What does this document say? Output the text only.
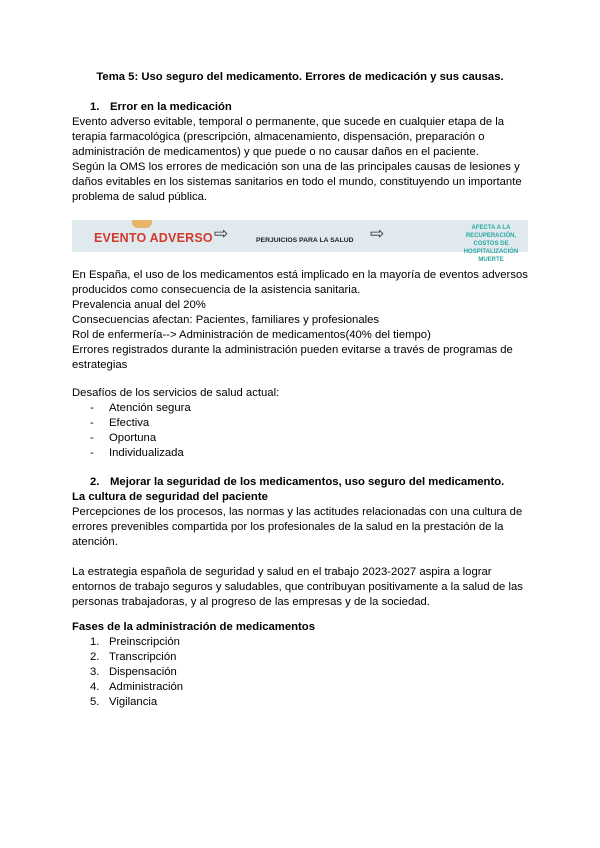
Tema 5: Uso seguro del medicamento. Errores de medicación y sus causas.
1. Error en la medicación

Evento adverso evitable, temporal o permanente, que sucede en cualquier etapa de la terapia farmacológica (prescripción, almacenamiento, dispensación, preparación o administración de medicamentos) y que puede o no causar daños en el paciente.

Según la OMS los errores de medicación son una de las principales causas de lesiones y daños evitables en los sistemas sanitarios en todo el mundo, constituyendo un importante problema de salud pública.

EVENTO ADVERSO ⇨	PERJUICIOS PARA LA SALUD ⇨	AFECTA A LA RECUPERACIÓN, COSTOS DE HOSPITALIZACIÓN MUERTE

En España, el uso de los medicamentos está implicado en la mayoría de eventos adversos producidos como consecuencia de la asistencia sanitaria.

Prevalencia anual del 20%

Consecuencias afectan: Pacientes, familiares y profesionales

Rol de enfermería--> Administración de medicamentos(40% del tiempo)

Errores registrados durante la administración pueden evitarse a través de programas de estrategias

Desafíos de los servicios de salud actual:

- Atención segura
- Efectiva
- Oportuna
- Individualizada
2. Mejorar la seguridad de los medicamentos, uso seguro del medicamento.

La cultura de seguridad del paciente

Percepciones de los procesos, las normas y las actitudes relacionadas con una cultura de errores prevenibles compartida por los profesionales de la salud en la prestación de la atención.

La estrategia española de seguridad y salud en el trabajo 2023-2027 aspira a lograr entornos de trabajo seguros y saludables, que contribuyan positivamente a la salud de las personas trabajadoras, y al progreso de las empresas y de la sociedad.

Fases de la administración de medicamentos

1. Preinscripción
2. Transcripción
3. Dispensación
4. Administración
5. Vigilancia
